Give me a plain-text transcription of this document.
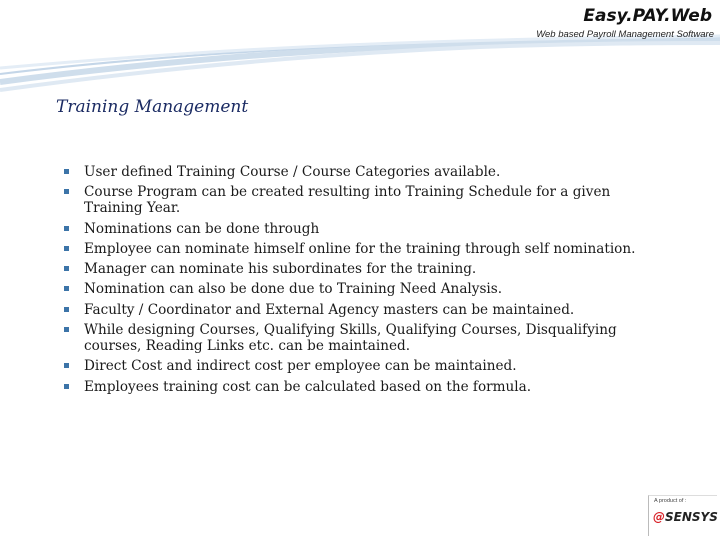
Easy.PAY.Web
Web based Payroll Management Software
Training Management
User defined Training Course / Course Categories available.
Course Program can be created resulting into Training Schedule for a given Training Year.
Nominations can be done through
Employee can nominate himself online for the training through self nomination.
Manager can nominate his subordinates for the training.
Nomination can also be done due to Training Need Analysis.
Faculty / Coordinator and External Agency masters can be maintained.
While designing Courses, Qualifying Skills, Qualifying Courses, Disqualifying courses, Reading Links etc. can be maintained.
Direct Cost and indirect cost per employee can be maintained.
Employees training cost can be calculated based on the formula.
A product of :
@SENSYS
